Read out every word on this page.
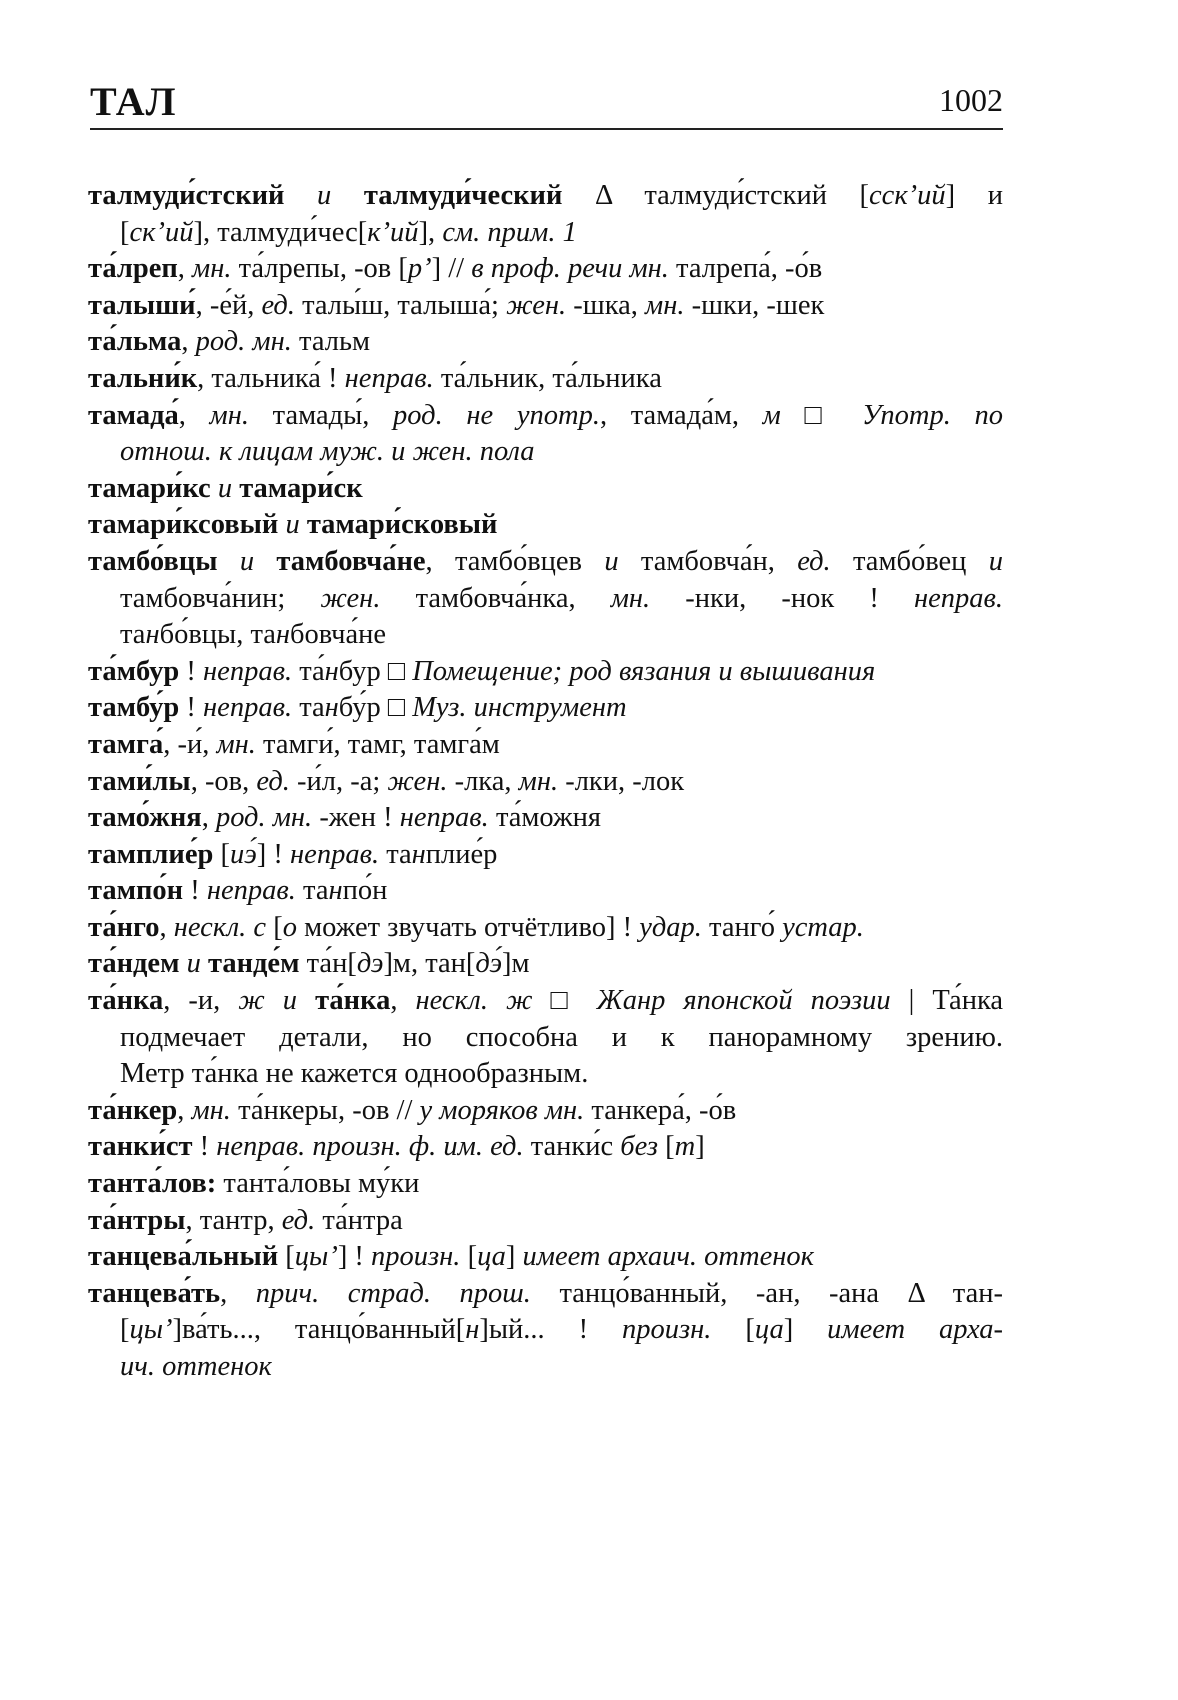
ТАЛ	1002
талмуди́стский и талмуди́ческий Δ талмуди́стский [сскʼий] и
[скʼий], талмуди́чес[кʼий], см. прим. 1
та́лреп, мн. та́лрепы, -ов [рʼ] // в проф. речи мн. талрепа́, -о́в
талыши́, -е́й, ед. талы́ш, талыша́; жен. -шка, мн. -шки, -шек
та́льма, род. мн. тальм
тальни́к, тальника́ ! неправ. та́льник, та́льника
тамада́, мн. тамады́, род. не употр., тамада́м, м □ Употр. по
отнош. к лицам муж. и жен. пола
тамари́кс и тамари́ск
тамари́ксовый и тамари́сковый
тамбо́вцы и тамбовча́не, тамбо́вцев и тамбовча́н, ед. тамбо́вец и
тамбовча́нин; жен. тамбовча́нка, мн. -нки, -нок ! неправ.
танбо́вцы, танбовча́не
та́мбур ! неправ. та́нбур □ Помещение; род вязания и вышивания
тамбу́р ! неправ. танбу́р □ Муз. инструмент
тамга́, -и́, мн. тамги́, тамг, тамга́м
тами́лы, -ов, ед. -и́л, -а; жен. -лка, мн. -лки, -лок
тамо́жня, род. мн. -жен ! неправ. та́можня
тамплие́р [иэ́] ! неправ. танплие́р
тампо́н ! неправ. танпо́н
та́нго, нескл. с [о может звучать отчётливо] ! удар. танго́ устар.
та́ндем и танде́м та́н[дэ]м, тан[дэ́]м
та́нка, -и, ж и та́нка, нескл. ж □ Жанр японской поэзии | Та́нка
подмечает детали, но способна и к панорамному зрению.
Метр та́нка не кажется однообразным.
та́нкер, мн. та́нкеры, -ов // у моряков мн. танкера́, -о́в
танки́ст ! неправ. произн. ф. им. ед. танки́с без [т]
танта́лов: танта́ловы му́ки
та́нтры, тантр, ед. та́нтра
танцева́льный [цыʼ] ! произн. [ца] имеет архаич. оттенок
танцева́ть, прич. страд. прош. танцо́ванный, -ан, -ана Δ тан-
[цыʼ]ва́ть..., танцо́ванный[н]ый... ! произн. [ца] имеет арха-
ич. оттенок
